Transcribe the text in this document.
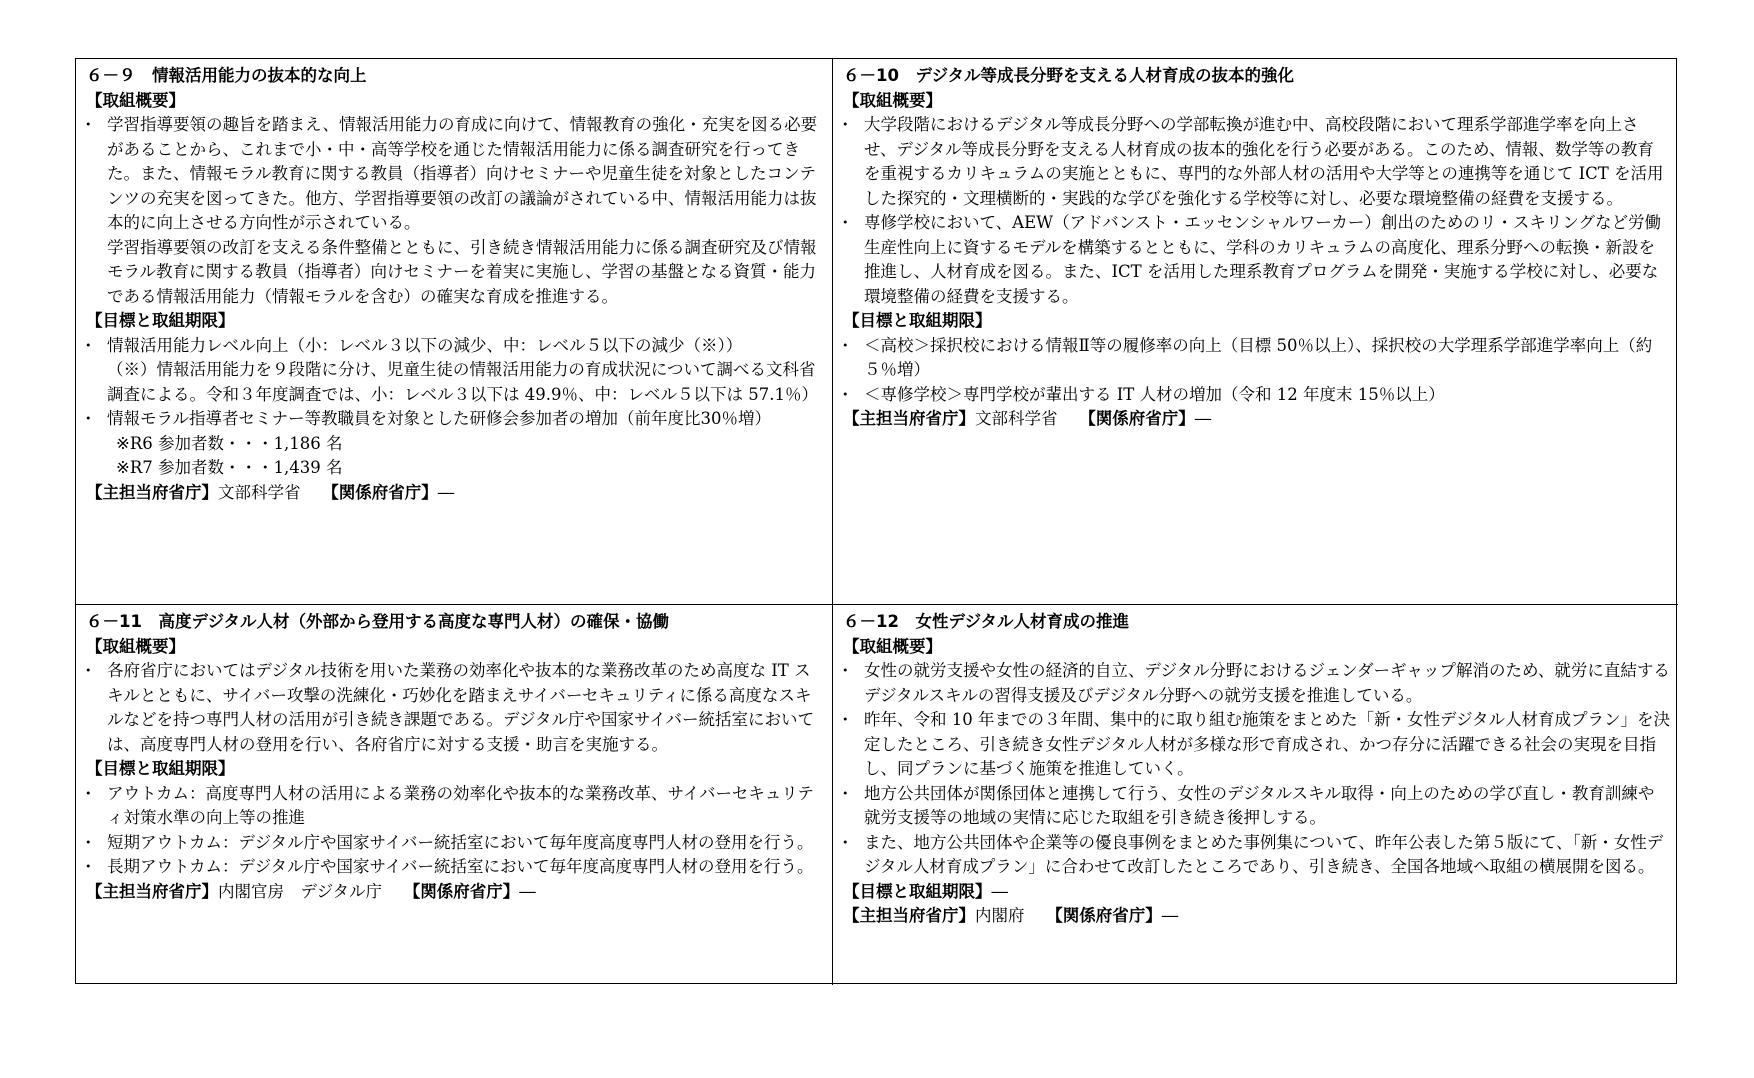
６－９　情報活用能力の抜本的な向上
【取組概要】
・ 学習指導要領の趣旨を踏まえ、情報活用能力の育成に向けて、情報教育の強化・充実を図る必要があることから、これまで小・中・高等学校を通じた情報活用能力に係る調査研究を行ってきた。また、情報モラル教育に関する教員（指導者）向けセミナーや児童生徒を対象としたコンテンツの充実を図ってきた。他方、学習指導要領の改訂の議論がされている中、情報活用能力は抜本的に向上させる方向性が示されている。
学習指導要領の改訂を支える条件整備とともに、引き続き情報活用能力に係る調査研究及び情報モラル教育に関する教員（指導者）向けセミナーを着実に実施し、学習の基盤となる資質・能力である情報活用能力（情報モラルを含む）の確実な育成を推進する。
【目標と取組期限】
・ 情報活用能力レベル向上（小：レベル３以下の減少、中：レベル５以下の減少（※））
（※）情報活用能力を９段階に分け、児童生徒の情報活用能力の育成状況について調べる文科省調査による。令和３年度調査では、小：レベル３以下は 49.9％、中：レベル５以下は 57.1％）
・ 情報モラル指導者セミナー等教職員を対象とした研修会参加者の増加（前年度比30％増）
※R6 参加者数・・・1,186 名
※R7 参加者数・・・1,439 名
【主担当府省庁】文部科学省　 【関係府省庁】―
６－10　デジタル等成長分野を支える人材育成の抜本的強化
【取組概要】
・ 大学段階におけるデジタル等成長分野への学部転換が進む中、高校段階において理系学部進学率を向上させ、デジタル等成長分野を支える人材育成の抜本的強化を行う必要がある。このため、情報、数学等の教育を重視するカリキュラムの実施とともに、専門的な外部人材の活用や大学等との連携等を通じて ICT を活用した探究的・文理横断的・実践的な学びを強化する学校等に対し、必要な環境整備の経費を支援する。
・ 専修学校において、AEW（アドバンスト・エッセンシャルワーカー）創出のためのリ・スキリングなど労働生産性向上に資するモデルを構築するとともに、学科のカリキュラムの高度化、理系分野への転換・新設を推進し、人材育成を図る。また、ICT を活用した理系教育プログラムを開発・実施する学校に対し、必要な環境整備の経費を支援する。
【目標と取組期限】
・ ＜高校＞採択校における情報Ⅱ等の履修率の向上（目標 50％以上）、採択校の大学理系学部進学率向上（約５％増）
・ ＜専修学校＞専門学校が輩出する IT 人材の増加（令和 12 年度末 15％以上）
【主担当府省庁】文部科学省　 【関係府省庁】―
６－11　高度デジタル人材（外部から登用する高度な専門人材）の確保・協働
【取組概要】
・ 各府省庁においてはデジタル技術を用いた業務の効率化や抜本的な業務改革のため高度な IT スキルとともに、サイバー攻撃の洗練化・巧妙化を踏まえサイバーセキュリティに係る高度なスキルなどを持つ専門人材の活用が引き続き課題である。デジタル庁や国家サイバー統括室においては、高度専門人材の登用を行い、各府省庁に対する支援・助言を実施する。
【目標と取組期限】
・ アウトカム：高度専門人材の活用による業務の効率化や抜本的な業務改革、サイバーセキュリティ対策水準の向上等の推進
・ 短期アウトカム：デジタル庁や国家サイバー統括室において毎年度高度専門人材の登用を行う。
・ 長期アウトカム：デジタル庁や国家サイバー統括室において毎年度高度専門人材の登用を行う。
【主担当府省庁】内閣官房　デジタル庁　 【関係府省庁】―
６－12　女性デジタル人材育成の推進
【取組概要】
・ 女性の就労支援や女性の経済的自立、デジタル分野におけるジェンダーギャップ解消のため、就労に直結するデジタルスキルの習得支援及びデジタル分野への就労支援を推進している。
・ 昨年、令和 10 年までの３年間、集中的に取り組む施策をまとめた「新・女性デジタル人材育成プラン」を決定したところ、引き続き女性デジタル人材が多様な形で育成され、かつ存分に活躍できる社会の実現を目指し、同プランに基づく施策を推進していく。
・ 地方公共団体が関係団体と連携して行う、女性のデジタルスキル取得・向上のための学び直し・教育訓練や就労支援等の地域の実情に応じた取組を引き続き後押しする。
・ また、地方公共団体や企業等の優良事例をまとめた事例集について、昨年公表した第５版にて、「新・女性デジタル人材育成プラン」に合わせて改訂したところであり、引き続き、全国各地域へ取組の横展開を図る。
【目標と取組期限】―
【主担当府省庁】内閣府　 【関係府省庁】―
